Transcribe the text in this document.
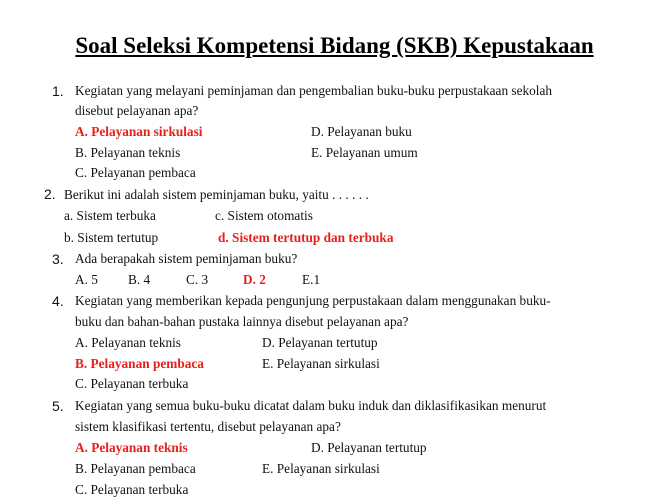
Soal Seleksi Kompetensi Bidang (SKB) Kepustakaan
1. Kegiatan yang melayani peminjaman dan pengembalian buku-buku perpustakaan sekolah
disebut pelayanan apa?
A. Pelayanan sirkulasi	D. Pelayanan buku
B. Pelayanan teknis	E. Pelayanan umum
C. Pelayanan pembaca
2. Berikut ini adalah sistem peminjaman buku, yaitu . . . . . .
a. Sistem terbuka	c. Sistem otomatis
b. Sistem tertutup	d. Sistem tertutup dan terbuka
3. Ada berapakah sistem peminjaman buku?
A. 5 B. 4	C. 3	D. 2	E.1
4. Kegiatan yang memberikan kepada pengunjung perpustakaan dalam menggunakan buku-
buku dan bahan-bahan pustaka lainnya disebut pelayanan apa?
A. Pelayanan teknis	D. Pelayanan tertutup
B. Pelayanan pembaca	E. Pelayanan sirkulasi
C. Pelayanan terbuka
5. Kegiatan yang semua buku-buku dicatat dalam buku induk dan diklasifikasikan menurut
sistem klasifikasi tertentu, disebut pelayanan apa?
A. Pelayanan teknis	D. Pelayanan tertutup
B. Pelayanan pembaca	E. Pelayanan sirkulasi
C. Pelayanan terbuka
